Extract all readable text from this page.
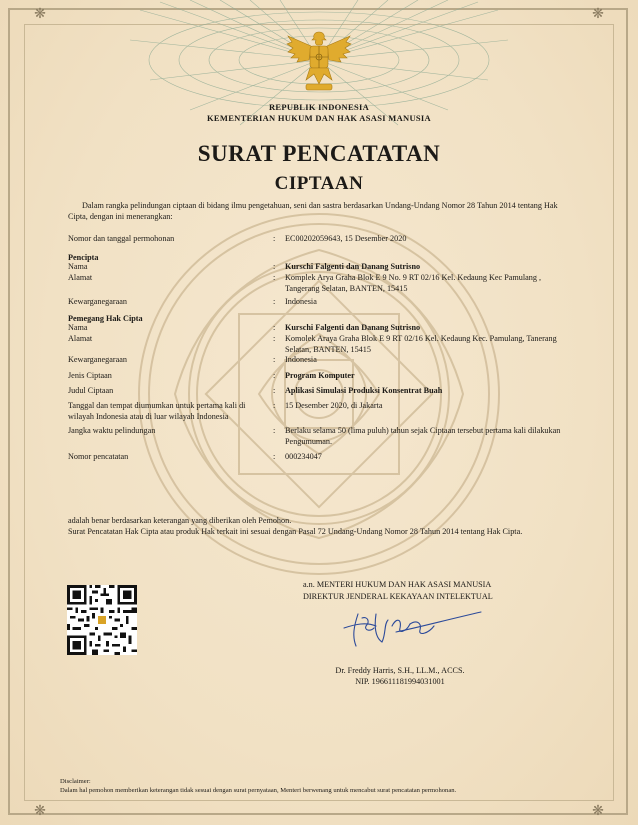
❋	❋
❋	❋
REPUBLIK INDONESIA
KEMENTERIAN HUKUM DAN HAK ASASI MANUSIA
SURAT PENCATATAN
CIPTAAN

Dalam rangka pelindungan ciptaan di bidang ilmu pengetahuan, seni dan sastra berdasarkan Undang-Undang Nomor 28 Tahun 2014 tentang Hak Cipta, dengan ini menerangkan:

Nomor dan tanggal permohonan	:	EC00202059643, 15 Desember 2020
Pencipta
Nama	:	Kurschi Falgenti dan Danang Sutrisno
Alamat	:	Komplek Arya Graha Blok E 9 No. 9 RT 02/16 Kel. Kedaung Kec Pamulang , Tangerang Selatan, BANTEN, 15415
Kewarganegaraan	:	Indonesia
Pemegang Hak Cipta
Nama	:	Kurschi Falgenti dan Danang Sutrisno
Alamat	:	Komolek Araya Graha Blok E 9 RT 02/16 Kel. Kedaung Kec. Pamulang, Tanerang Selatan, BANTEN, 15415
Kewarganegaraan	:	Indonesia
Jenis Ciptaan	:	Program Komputer
Judul Ciptaan	:	Aplikasi Simulasi Produksi Konsentrat Buah
Tanggal dan tempat diumumkan untuk pertama kali di wilayah Indonesia atau di luar wilayah Indonesia
:	15 Desember 2020, di Jakarta
Jangka waktu pelindungan	:	Berlaku selama 50 (lima puluh) tahun sejak Ciptaan tersebut pertama kali dilakukan Pengumuman.
Nomor pencatatan	:	000234047
adalah benar berdasarkan keterangan yang diberikan oleh Pemohon.
Surat Pencatatan Hak Cipta atau produk Hak terkait ini sesuai dengan Pasal 72 Undang-Undang Nomor 28 Tahun 2014 tentang Hak Cipta.
a.n. MENTERI HUKUM DAN HAK ASASI MANUSIA
DIREKTUR JENDERAL KEKAYAAN INTELEKTUAL
Dr. Freddy Harris, S.H., LL.M., ACCS.
NIP. 196611181994031001
Disclaimer:
Dalam hal pemohon memberikan keterangan tidak sesuai dengan surat pernyataan, Menteri berwenang untuk mencabut surat pencatatan permohonan.
